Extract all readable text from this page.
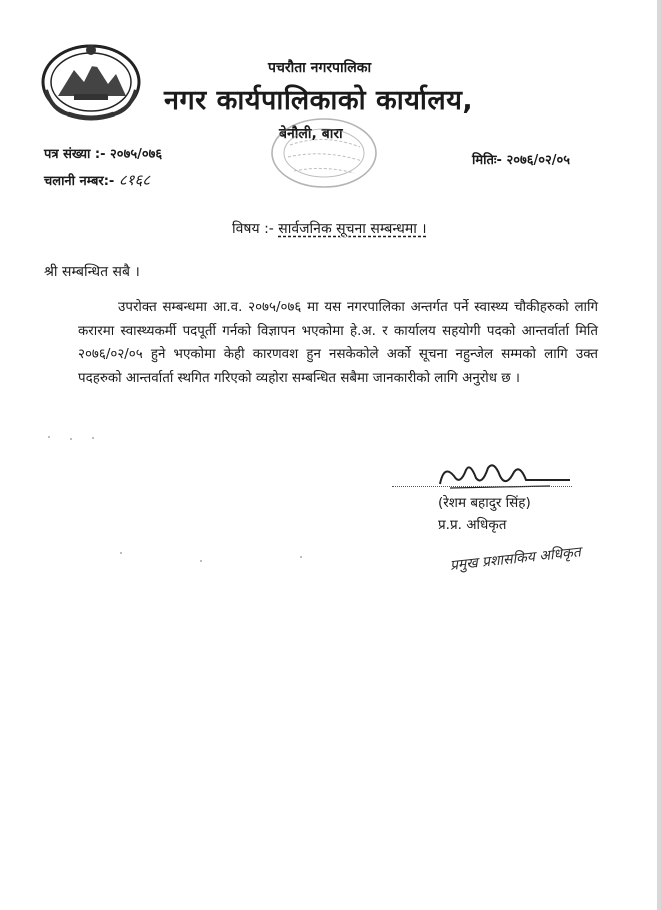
पचरौता नगरपालिका
नगर कार्यपालिकाको कार्यालय,
बेनौली, बारा
पत्र संख्या :- २०७५/०७६
चलानी नम्बर:- ८१६८
मितिः- २०७६/०२/०५
विषय :- सार्वजनिक सूचना सम्बन्धमा ।
श्री सम्बन्धित सबै ।
उपरोक्त सम्बन्धमा आ.व. २०७५/०७६ मा यस नगरपालिका अन्तर्गत पर्ने स्वास्थ्य चौकीहरुको लागि करारमा स्वास्थ्यकर्मी पदपूर्ती गर्नको विज्ञापन भएकोमा हे.अ. र कार्यालय सहयोगी पदको आन्तर्वार्ता मिति २०७६/०२/०५ हुने भएकोमा केही कारणवश हुन नसकेकोले अर्को सूचना नहुन्जेल सम्मको लागि उक्त पदहरुको आन्तर्वार्ता स्थगित गरिएको व्यहोरा सम्बन्धित सबैमा जानकारीको लागि अनुरोध छ ।
(रेशम बहादुर सिंह)
प्र.प्र. अधिकृत
प्रमुख प्रशासकिय अधिकृत
